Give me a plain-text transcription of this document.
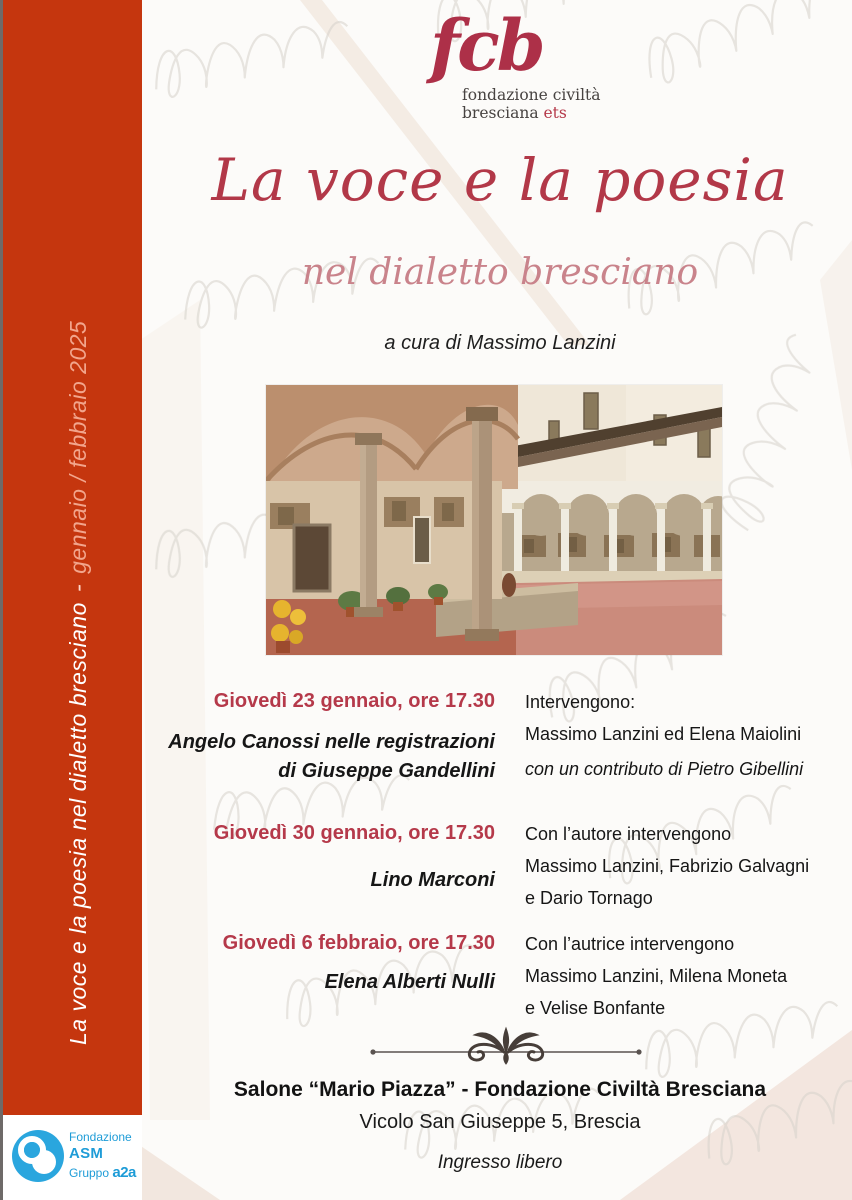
La voce e la poesia nel dialetto bresciano-gennaio / febbraio 2025
fcb
fondazione civiltà bresciana ets
La voce e la poesia
nel dialetto bresciano
a cura di Massimo Lanzini
Giovedì 23 gennaio, ore 17.30
Angelo Canossi nelle registrazioni
di Giuseppe Gandellini
Intervengono:
Massimo Lanzini ed Elena Maiolini
con un contributo di Pietro Gibellini
Giovedì 30 gennaio, ore 17.30
Lino Marconi
Con l’autore intervengono
Massimo Lanzini, Fabrizio Galvagni
e Dario Tornago
Giovedì 6 febbraio, ore 17.30
Elena Alberti Nulli
Con l’autrice intervengono
Massimo Lanzini, Milena Moneta
e Velise Bonfante
Salone “Mario Piazza” - Fondazione Civiltà Bresciana
Vicolo San Giuseppe 5, Brescia
Ingresso libero
Fondazione
ASM
Gruppo a2a
